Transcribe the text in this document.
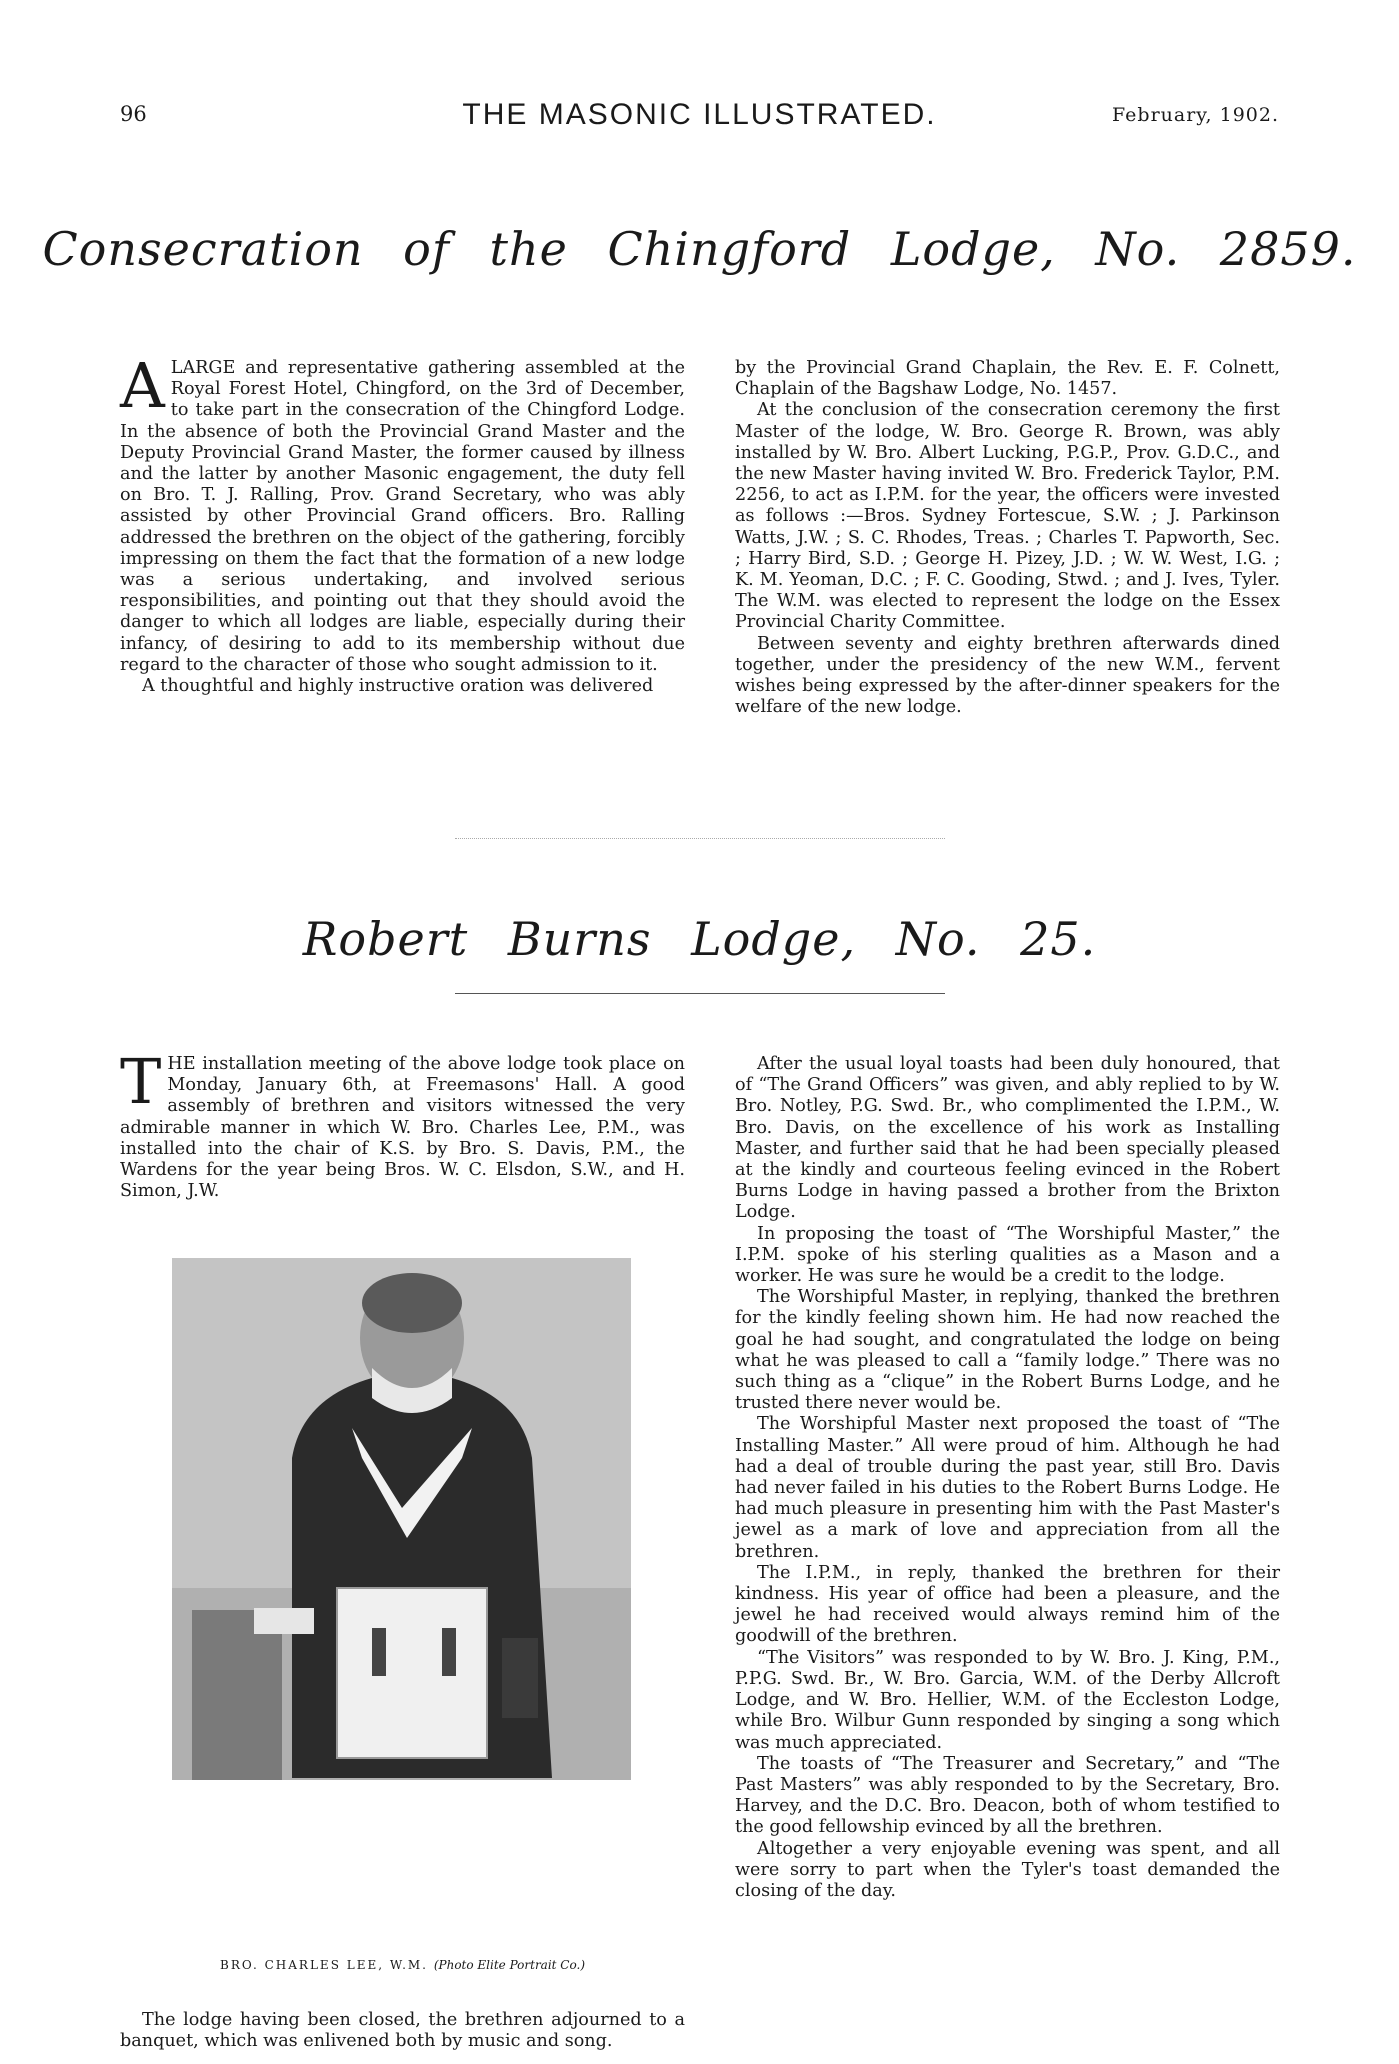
96	THE MASONIC ILLUSTRATED.	February, 1902.
Consecration of the Chingford Lodge, No. 2859.

ALARGE and representative gathering assembled at the Royal Forest Hotel, Chingford, on the 3rd of December, to take part in the consecration of the Chingford Lodge. In the absence of both the Provincial Grand Master and the Deputy Provincial Grand Master, the former caused by illness and the latter by another Masonic engagement, the duty fell on Bro. T. J. Ralling, Prov. Grand Secretary, who was ably assisted by other Provincial Grand officers. Bro. Ralling addressed the brethren on the object of the gathering, forcibly impressing on them the fact that the formation of a new lodge was a serious undertaking, and involved serious responsibilities, and pointing out that they should avoid the danger to which all lodges are liable, especially during their infancy, of desiring to add to its membership without due regard to the character of those who sought admission to it.

A thoughtful and highly instructive oration was delivered

by the Provincial Grand Chaplain, the Rev. E. F. Colnett, Chaplain of the Bagshaw Lodge, No. 1457.

At the conclusion of the consecration ceremony the first Master of the lodge, W. Bro. George R. Brown, was ably installed by W. Bro. Albert Lucking, P.G.P., Prov. G.D.C., and the new Master having invited W. Bro. Frederick Taylor, P.M. 2256, to act as I.P.M. for the year, the officers were invested as follows :—Bros. Sydney Fortescue, S.W. ; J. Parkinson Watts, J.W. ; S. C. Rhodes, Treas. ; Charles T. Papworth, Sec. ; Harry Bird, S.D. ; George H. Pizey, J.D. ; W. W. West, I.G. ; K. M. Yeoman, D.C. ; F. C. Gooding, Stwd. ; and J. Ives, Tyler. The W.M. was elected to represent the lodge on the Essex Provincial Charity Committee.

Between seventy and eighty brethren afterwards dined together, under the presidency of the new W.M., fervent wishes being expressed by the after-dinner speakers for the welfare of the new lodge.

Robert Burns Lodge, No. 25.

THE installation meeting of the above lodge took place on Monday, January 6th, at Freemasons' Hall. A good assembly of brethren and visitors witnessed the very admirable manner in which W. Bro. Charles Lee, P.M., was installed into the chair of K.S. by Bro. S. Davis, P.M., the Wardens for the year being Bros. W. C. Elsdon, S.W., and H. Simon, J.W.

BRO. CHARLES LEE, W.M. (Photo Elite Portrait Co.)

The lodge having been closed, the brethren adjourned to a banquet, which was enlivened both by music and song.

After the usual loyal toasts had been duly honoured, that of “The Grand Officers” was given, and ably replied to by W. Bro. Notley, P.G. Swd. Br., who complimented the I.P.M., W. Bro. Davis, on the excellence of his work as Installing Master, and further said that he had been specially pleased at the kindly and courteous feeling evinced in the Robert Burns Lodge in having passed a brother from the Brixton Lodge.

In proposing the toast of “The Worshipful Master,” the I.P.M. spoke of his sterling qualities as a Mason and a worker. He was sure he would be a credit to the lodge.

The Worshipful Master, in replying, thanked the brethren for the kindly feeling shown him. He had now reached the goal he had sought, and congratulated the lodge on being what he was pleased to call a “family lodge.” There was no such thing as a “clique” in the Robert Burns Lodge, and he trusted there never would be.

The Worshipful Master next proposed the toast of “The Installing Master.” All were proud of him. Although he had had a deal of trouble during the past year, still Bro. Davis had never failed in his duties to the Robert Burns Lodge. He had much pleasure in presenting him with the Past Master's jewel as a mark of love and appreciation from all the brethren.

The I.P.M., in reply, thanked the brethren for their kindness. His year of office had been a pleasure, and the jewel he had received would always remind him of the goodwill of the brethren.

“The Visitors” was responded to by W. Bro. J. King, P.M., P.P.G. Swd. Br., W. Bro. Garcia, W.M. of the Derby Allcroft Lodge, and W. Bro. Hellier, W.M. of the Eccleston Lodge, while Bro. Wilbur Gunn responded by singing a song which was much appreciated.

The toasts of “The Treasurer and Secretary,” and “The Past Masters” was ably responded to by the Secretary, Bro. Harvey, and the D.C. Bro. Deacon, both of whom testified to the good fellowship evinced by all the brethren.

Altogether a very enjoyable evening was spent, and all were sorry to part when the Tyler's toast demanded the closing of the day.
